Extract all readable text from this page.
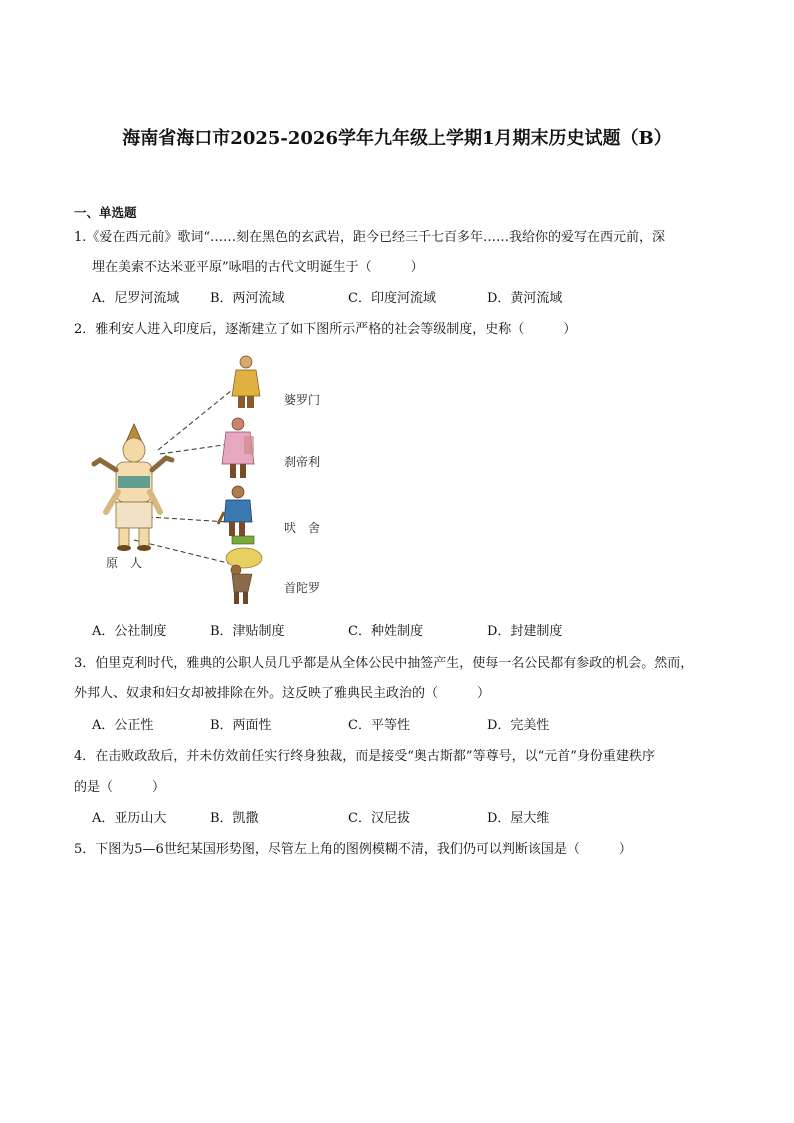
海南省海口市2025-2026学年九年级上学期1月期末历史试题（B）
一、单选题
1.《爱在西元前》歌词“……刻在黑色的玄武岩，距今已经三千七百多年……我给你的爱写在西元前，深
埋在美索不达米亚平原”咏唱的古代文明诞生于（　　　）
A．尼罗河流域 B．两河流域	C．印度河流域	D．黄河流域
2．雅利安人进入印度后，逐渐建立了如下图所示严格的社会等级制度，史称（　　　）
婆罗门
刹帝利
吠　舍
首陀罗
原　人
A．公社制度	B．津贴制度	C．种姓制度	D．封建制度
3．伯里克利时代，雅典的公职人员几乎都是从全体公民中抽签产生，使每一名公民都有参政的机会。然而，
外邦人、奴隶和妇女却被排除在外。这反映了雅典民主政治的（　　　）
A．公正性	B．两面性	C．平等性	D．完美性
4．在击败政敌后，并未仿效前任实行终身独裁，而是接受“奥古斯都”等尊号，以“元首”身份重建秩序
的是（　　　）
A．亚历山大	B．凯撒	C．汉尼拔	D．屋大维
5．下图为5—6世纪某国形势图，尽管左上角的图例模糊不清，我们仍可以判断该国是（　　　）
